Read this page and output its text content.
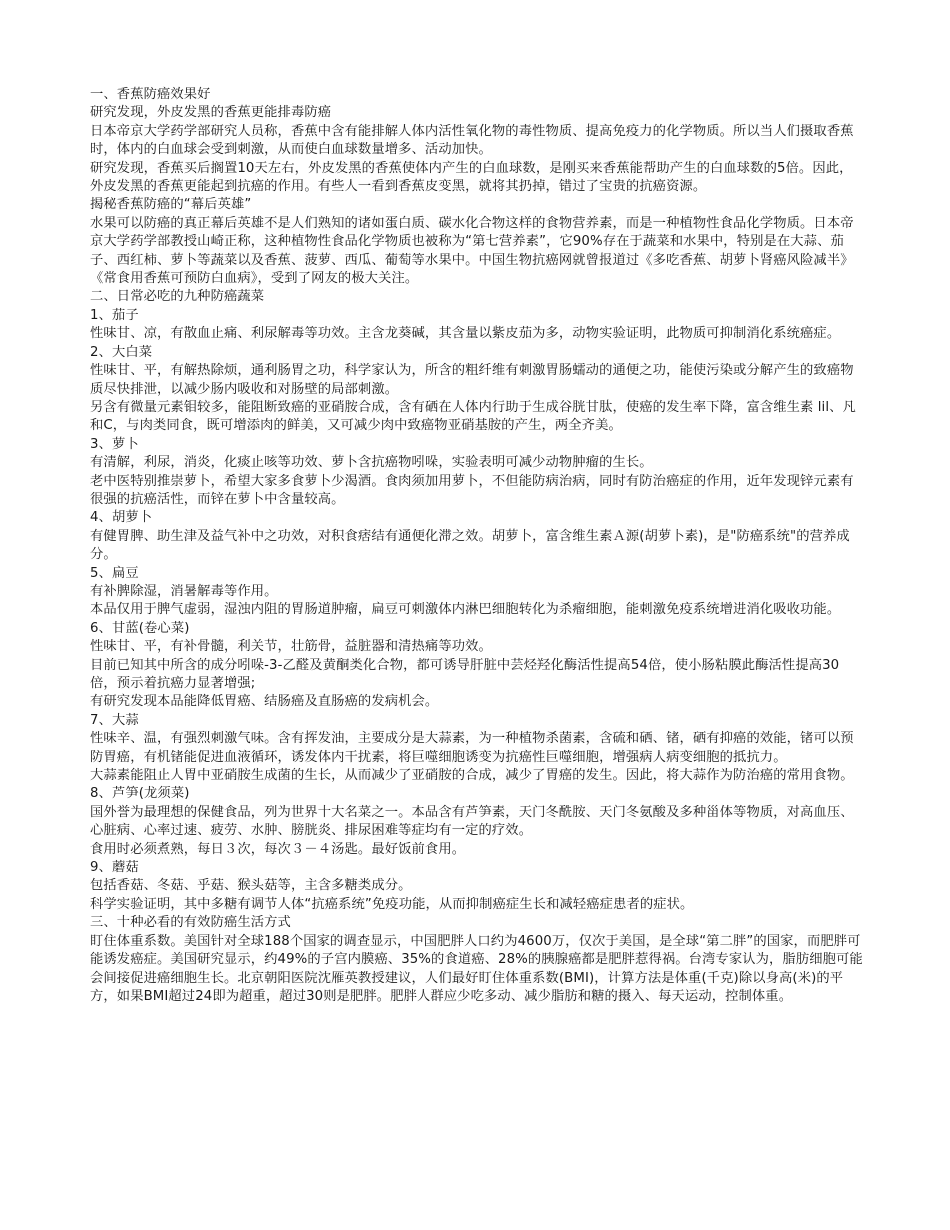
一、香蕉防癌效果好

研究发现，外皮发黑的香蕉更能排毒防癌

日本帝京大学药学部研究人员称，香蕉中含有能排解人体内活性氧化物的毒性物质、提高免疫力的化学物质。所以当人们摄取香蕉时，体内的白血球会受到刺激，从而使白血球数量增多、活动加快。

研究发现，香蕉买后搁置10天左右，外皮发黑的香蕉使体内产生的白血球数，是刚买来香蕉能帮助产生的白血球数的5倍。因此，外皮发黑的香蕉更能起到抗癌的作用。有些人一看到香蕉皮变黑，就将其扔掉，错过了宝贵的抗癌资源。

揭秘香蕉防癌的“幕后英雄”

水果可以防癌的真正幕后英雄不是人们熟知的诸如蛋白质、碳水化合物这样的食物营养素，而是一种植物性食品化学物质。日本帝京大学药学部教授山崎正称，这种植物性食品化学物质也被称为“第七营养素”，它90%存在于蔬菜和水果中，特别是在大蒜、茄子、西红柿、萝卜等蔬菜以及香蕉、菠萝、西瓜、葡萄等水果中。中国生物抗癌网就曾报道过《多吃香蕉、胡萝卜肾癌风险减半》《常食用香蕉可预防白血病》，受到了网友的极大关注。

二、日常必吃的九种防癌蔬菜

1、茄子

性味甘、凉，有散血止痛、利尿解毒等功效。主含龙葵碱，其含量以紫皮茄为多，动物实验证明，此物质可抑制消化系统癌症。

2、大白菜

性味甘、平，有解热除烦，通利肠胃之功，科学家认为，所含的粗纤维有刺激胃肠蠕动的通便之功，能使污染或分解产生的致癌物质尽快排泄，以减少肠内吸收和对肠壁的局部刺激。

另含有微量元素钼较多，能阻断致癌的亚硝胺合成，含有硒在人体内行助于生成谷胱甘肽，使癌的发生率下降，富含维生素 lil、凡和C，与肉类同食，既可增添肉的鲜美，又可减少肉中致癌物亚硝基胺的产生，两全齐美。

3、萝卜

有清解，利尿，消炎，化痰止咳等功效、萝卜含抗癌物吲哚，实验表明可减少动物肿瘤的生长。

老中医特别推崇萝卜，希望大家多食萝卜少渴酒。食肉须加用萝卜，不但能防病治病，同时有防治癌症的作用，近年发现锌元素有很强的抗癌活性，而锌在萝卜中含量较高。

4、胡萝卜

有健胃脾、助生津及益气补中之功效，对积食痞结有通便化滞之效。胡萝卜，富含维生素Ａ源(胡萝卜素)，是"防癌系统"的营养成分。

5、扁豆

有补脾除湿，消暑解毒等作用。

本品仅用于脾气虚弱，湿浊内阻的胃肠道肿瘤，扁豆可刺激体内淋巴细胞转化为杀瘤细胞，能刺激免疫系统增进消化吸收功能。

6、甘蓝(卷心菜)

性味甘、平，有补骨髓，利关节，壮筋骨，益脏器和清热痛等功效。

目前已知其中所含的成分吲哚-3-乙醛及黄酮类化合物，都可诱导肝脏中芸烃羟化酶活性提高54倍，使小肠粘膜此酶活性提高30倍，预示着抗癌力显著增强;

有研究发现本品能降低胃癌、结肠癌及直肠癌的发病机会。

7、大蒜

性味辛、温，有强烈刺激气味。含有挥发油，主要成分是大蒜素，为一种植物杀菌素，含硫和硒、锗，硒有抑癌的效能，锗可以预防胃癌，有机锗能促进血液循环，诱发体内干扰素，将巨噬细胞诱变为抗癌性巨噬细胞，增强病人病变细胞的抵抗力。

大蒜素能阻止人胃中亚硝胺生成菌的生长，从而减少了亚硝胺的合成，减少了胃癌的发生。因此，将大蒜作为防治癌的常用食物。

8、芦笋(龙须菜)

国外誉为最理想的保健食品，列为世界十大名菜之一。本品含有芦笋素，天门冬酰胺、天门冬氨酸及多种甾体等物质，对高血压、心脏病、心率过速、疲劳、水肿、膀胱炎、排尿困难等症均有一定的疗效。

食用时必须煮熟，每日３次，每次３－４汤匙。最好饭前食用。

9、蘑菇

包括香菇、冬菇、乎菇、猴头菇等，主含多糖类成分。

科学实验证明，其中多糖有调节人体“抗癌系统”免疫功能，从而抑制癌症生长和减轻癌症患者的症状。

三、十种必看的有效防癌生活方式

盯住体重系数。美国针对全球188个国家的调查显示，中国肥胖人口约为4600万，仅次于美国，是全球“第二胖”的国家，而肥胖可能诱发癌症。美国研究显示，约49%的子宫内膜癌、35%的食道癌、28%的胰腺癌都是肥胖惹得祸。台湾专家认为，脂肪细胞可能会间接促进癌细胞生长。北京朝阳医院沈雁英教授建议，人们最好盯住体重系数(BMI)，计算方法是体重(千克)除以身高(米)的平方，如果BMI超过24即为超重，超过30则是肥胖。肥胖人群应少吃多动、减少脂肪和糖的摄入、每天运动，控制体重。
